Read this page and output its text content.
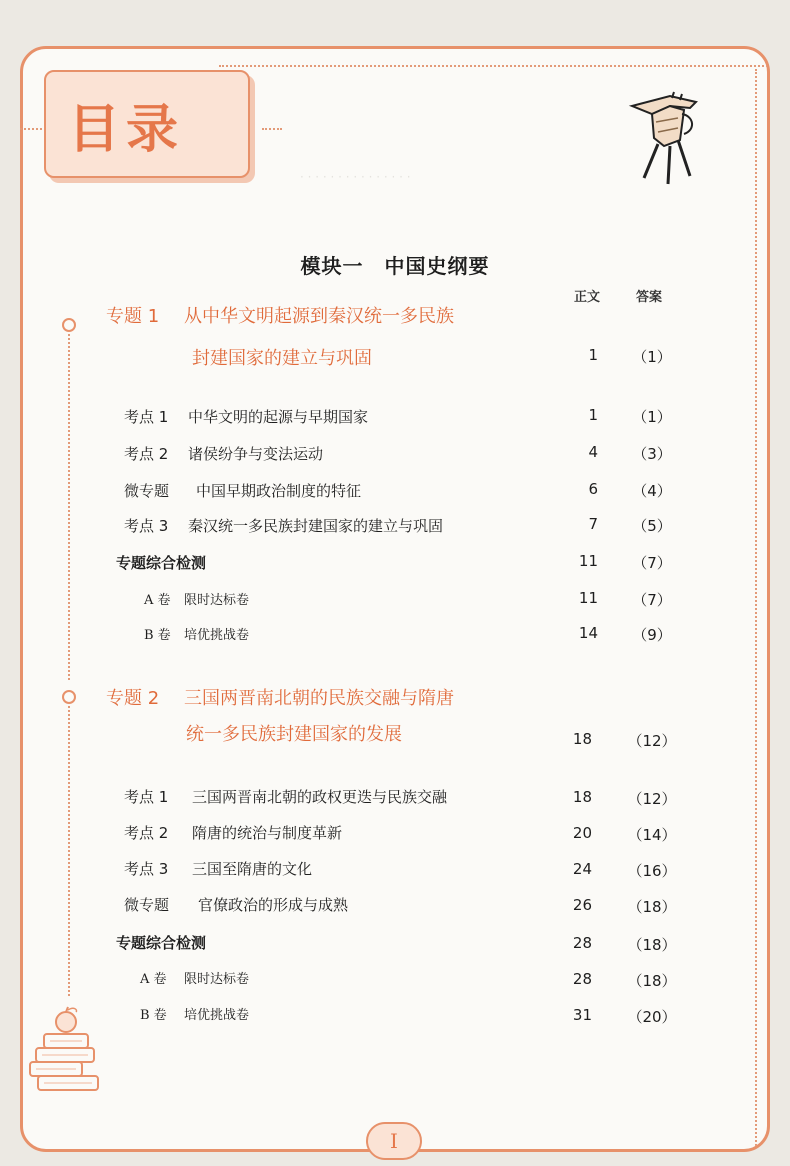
目录
· · · · · · · · · · · · · · ·
模块一　中国史纲要
正文	答案
专题 1 从中华文明起源到秦汉统一多民族
封建国家的建立与巩固	1	（1）
考点 1 中华文明的起源与早期国家	1	（1）
考点 2 诸侯纷争与变法运动	4	（3）
微专题 中国早期政治制度的特征	6	（4）
考点 3 秦汉统一多民族封建国家的建立与巩固	7	（5）
专题综合检测	11	（7）
A 卷 限时达标卷	11	（7）
B 卷 培优挑战卷	14	（9）
专题 2 三国两晋南北朝的民族交融与隋唐
统一多民族封建国家的发展	18	（12）
考点 1 三国两晋南北朝的政权更迭与民族交融	18	（12）
考点 2 隋唐的统治与制度革新	20	（14）
考点 3 三国至隋唐的文化	24	（16）
微专题 官僚政治的形成与成熟	26	（18）
专题综合检测	28	（18）
A 卷 限时达标卷	28	（18）
B 卷 培优挑战卷	31	（20）
I
